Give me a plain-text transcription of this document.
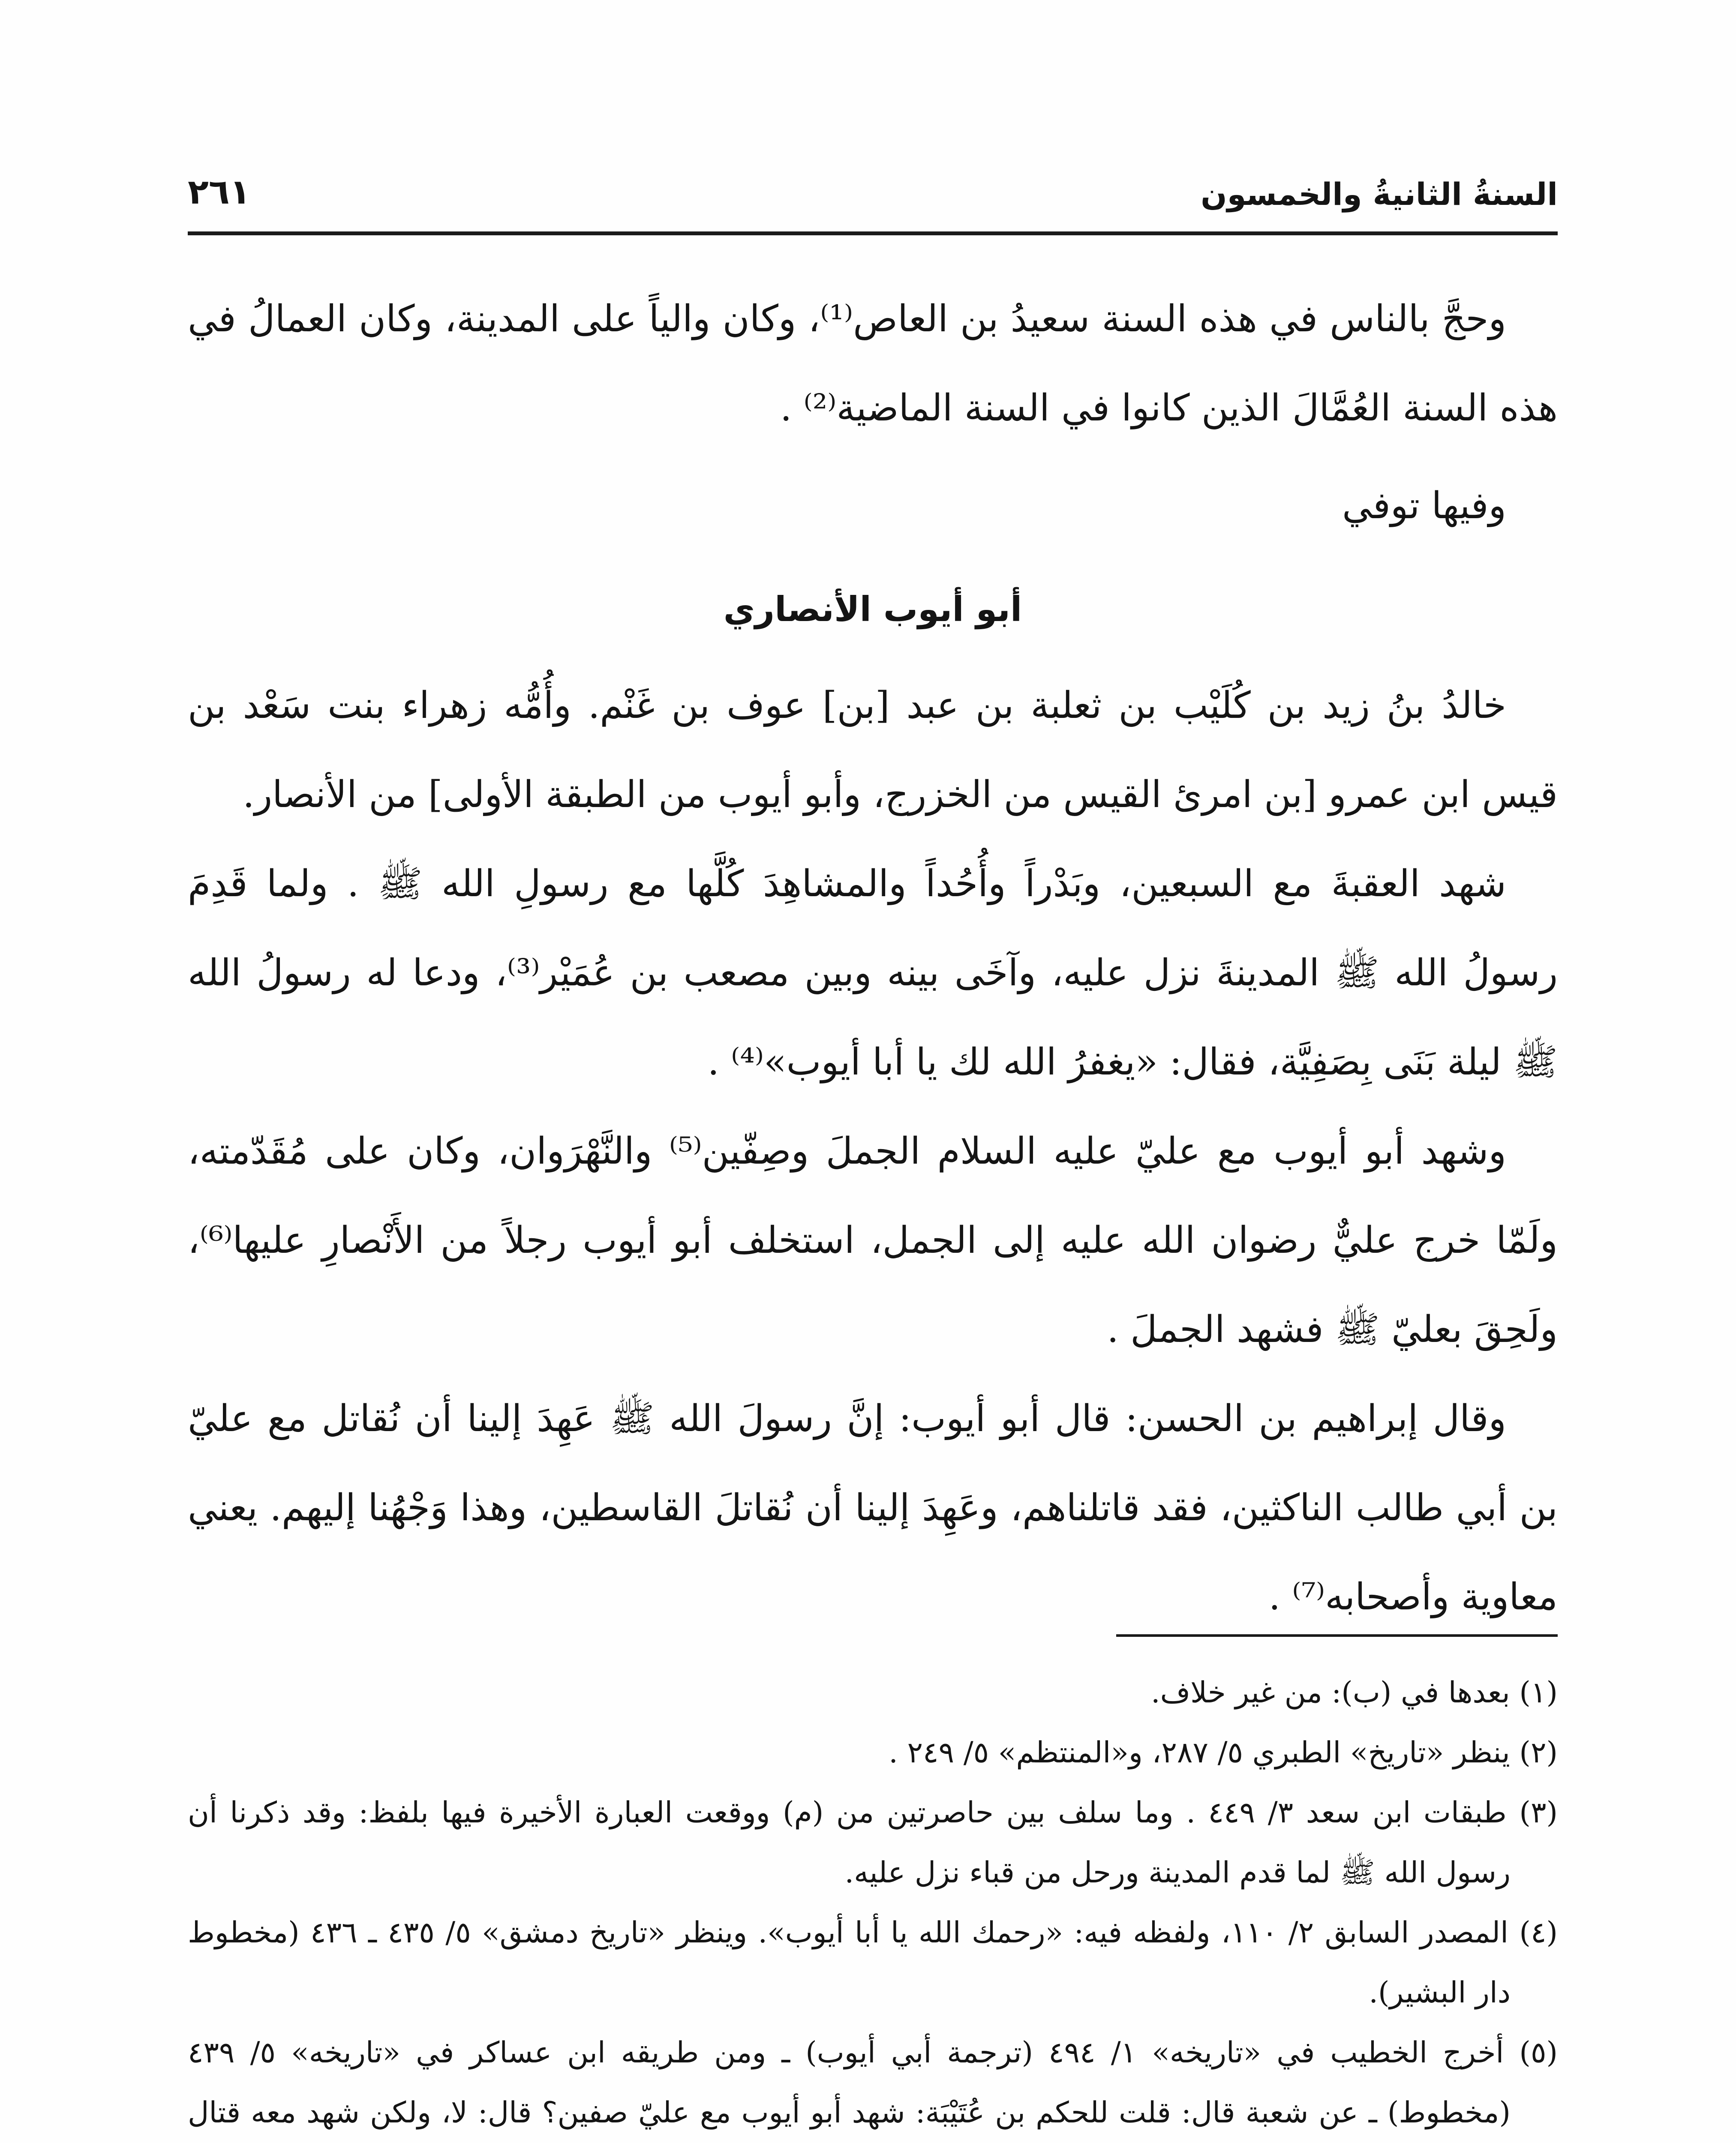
السنةُ الثانيةُ والخمسون
٢٦١

وحجَّ بالناس في هذه السنة سعيدُ بن العاص⁽¹⁾، وكان والياً على المدينة، وكان العمالُ في هذه السنة العُمَّالَ الذين كانوا في السنة الماضية⁽²⁾ .

وفيها توفي

أبو أيوب الأنصاري

خالدُ بنُ زيد بن كُلَيْب بن ثعلبة بن عبد [بن] عوف بن غَنْم. وأُمُّه زهراء بنت سَعْد بن قيس ابن عمرو [بن امرئ القيس من الخزرج، وأبو أيوب من الطبقة الأولى] من الأنصار.

شهد العقبةَ مع السبعين، وبَدْراً وأُحُداً والمشاهِدَ كُلَّها مع رسولِ الله ﷺ . ولما قَدِمَ رسولُ الله ﷺ المدينةَ نزل عليه، وآخَى بينه وبين مصعب بن عُمَيْر⁽³⁾، ودعا له رسولُ الله ﷺ ليلة بَنَى بِصَفِيَّة، فقال: «يغفرُ الله لك يا أبا أيوب»⁽⁴⁾ .

وشهد أبو أيوب مع عليّ عليه السلام الجملَ وصِفّين⁽⁵⁾ والنَّهْرَوان، وكان على مُقَدّمته، ولَمّا خرج عليٌّ رضوان الله عليه إلى الجمل، استخلف أبو أيوب رجلاً من الأَنْصارِ عليها⁽⁶⁾، ولَحِقَ بعليّ ﷺ فشهد الجملَ .

وقال إبراهيم بن الحسن: قال أبو أيوب: إنَّ رسولَ الله ﷺ عَهِدَ إلينا أن نُقاتل مع عليّ بن أبي طالب الناكثين، فقد قاتلناهم، وعَهِدَ إلينا أن نُقاتلَ القاسطين، وهذا وَجْهُنا إليهم. يعني معاوية وأصحابه⁽⁷⁾ .

(١) بعدها في (ب): من غير خلاف.

(٢) ينظر «تاريخ» الطبري ٥/ ٢٨٧، و«المنتظم» ٥/ ٢٤٩ .

(٣) طبقات ابن سعد ٣/ ٤٤٩ . وما سلف بين حاصرتين من (م) ووقعت العبارة الأخيرة فيها بلفظ: وقد ذكرنا أن رسول الله ﷺ لما قدم المدينة ورحل من قباء نزل عليه.

(٤) المصدر السابق ٢/ ١١٠، ولفظه فيه: «رحمك الله يا أبا أيوب». وينظر «تاريخ دمشق» ٥/ ٤٣٥ ـ ٤٣٦ (مخطوط دار البشير).

(٥) أخرج الخطيب في «تاريخه» ١/ ٤٩٤ (ترجمة أبي أيوب) ـ ومن طريقه ابن عساكر في «تاريخه» ٥/ ٤٣٩ (مخطوط) ـ عن شعبة قال: قلت للحكم بن عُتَيْبَة: شهد أبو أيوب مع عليّ صفين؟ قال: لا، ولكن شهد معه قتال
